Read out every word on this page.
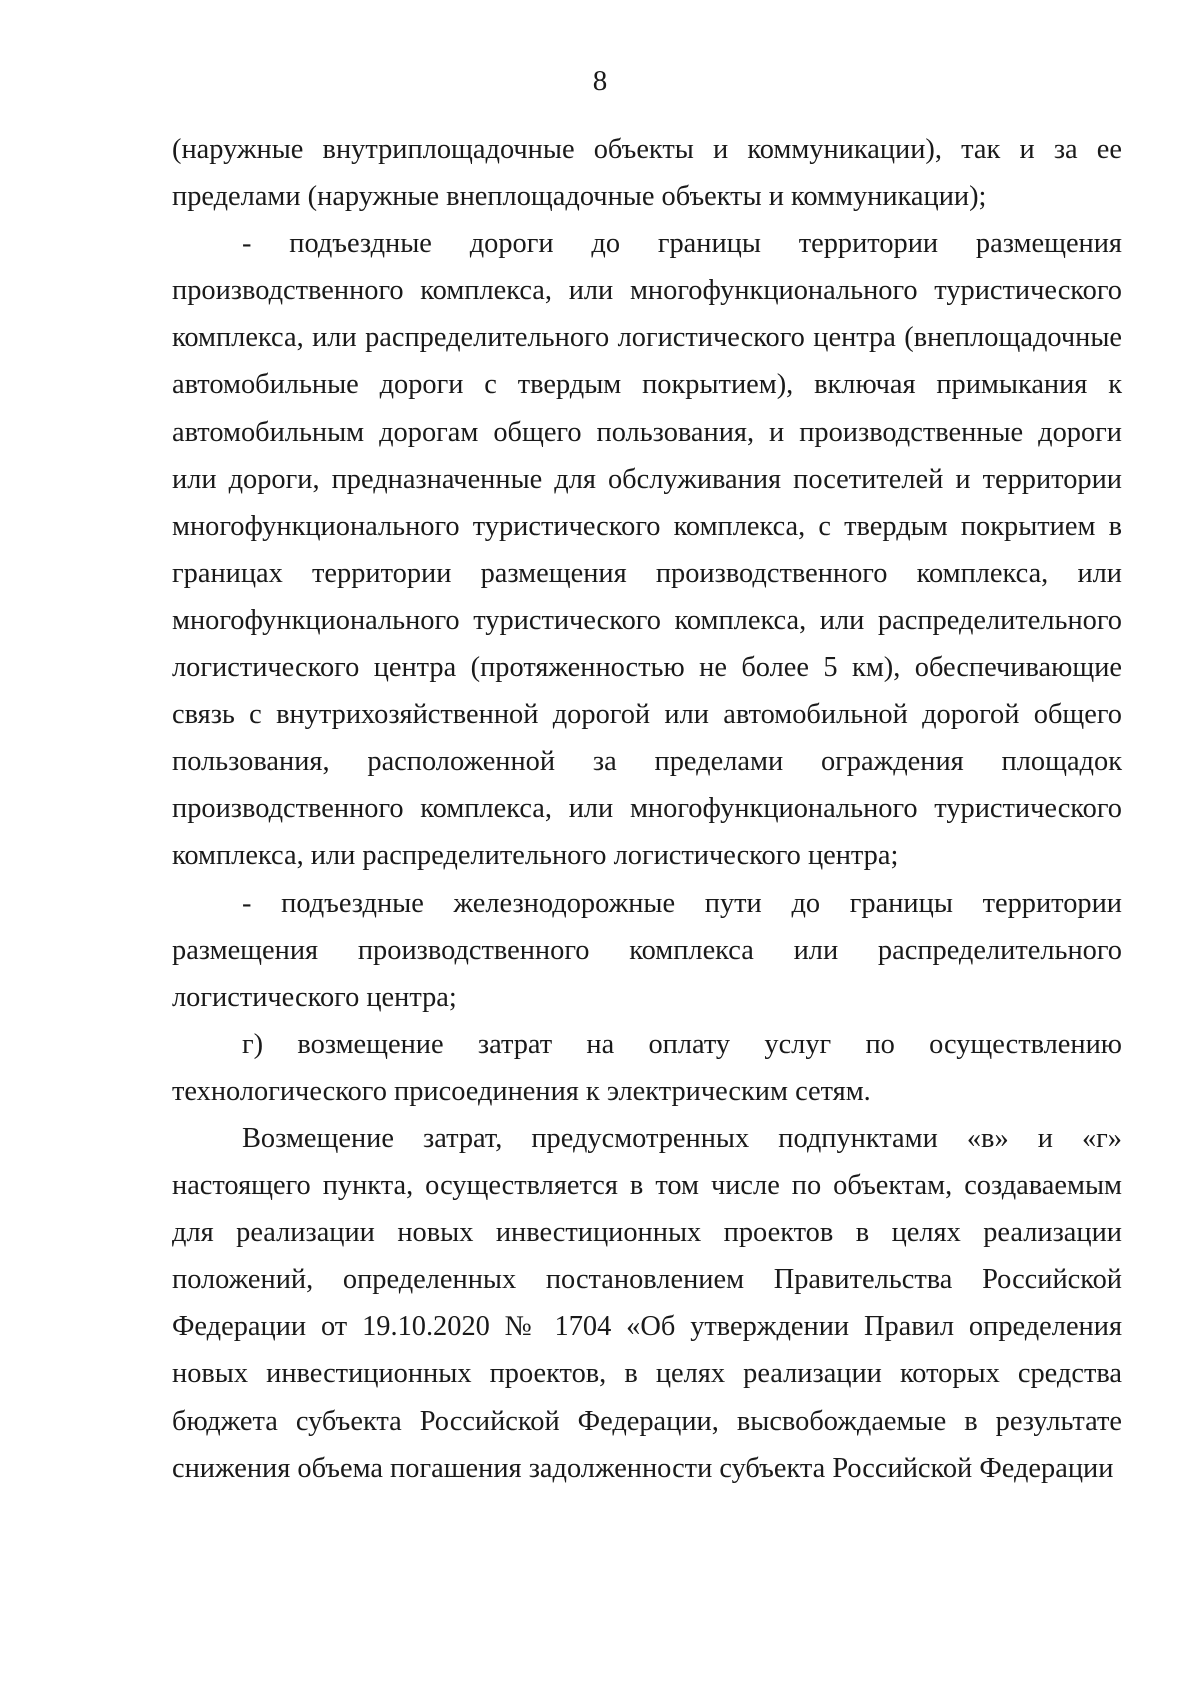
8

(наружные внутриплощадочные объекты и коммуникации), так и за ее пределами (наружные внеплощадочные объекты и коммуникации);

- подъездные дороги до границы территории размещения производственного комплекса, или многофункционального туристического комплекса, или распределительного логистического центра (внеплощадочные автомобильные дороги с твердым покрытием), включая примыкания к автомобильным дорогам общего пользования, и производственные дороги или дороги, предназначенные для обслуживания посетителей и территории многофункционального туристического комплекса, с твердым покрытием в границах территории размещения производственного комплекса, или многофункционального туристического комплекса, или распределительного логистического центра (протяженностью не более 5 км), обеспечивающие связь с внутрихозяйственной дорогой или автомобильной дорогой общего пользования, расположенной за пределами ограждения площадок производственного комплекса, или многофункционального туристического комплекса, или распределительного логистического центра;

- подъездные железнодорожные пути до границы территории размещения производственного комплекса или распределительного логистического центра;

г) возмещение затрат на оплату услуг по осуществлению технологического присоединения к электрическим сетям.

Возмещение затрат, предусмотренных подпунктами «в» и «г» настоящего пункта, осуществляется в том числе по объектам, создаваемым для реализации новых инвестиционных проектов в целях реализации положений, определенных постановлением Правительства Российской Федерации от 19.10.2020 № 1704 «Об утверждении Правил определения новых инвестиционных проектов, в целях реализации которых средства бюджета субъекта Российской Федерации, высвобождаемые в результате снижения объема погашения задолженности субъекта Российской Федерации
